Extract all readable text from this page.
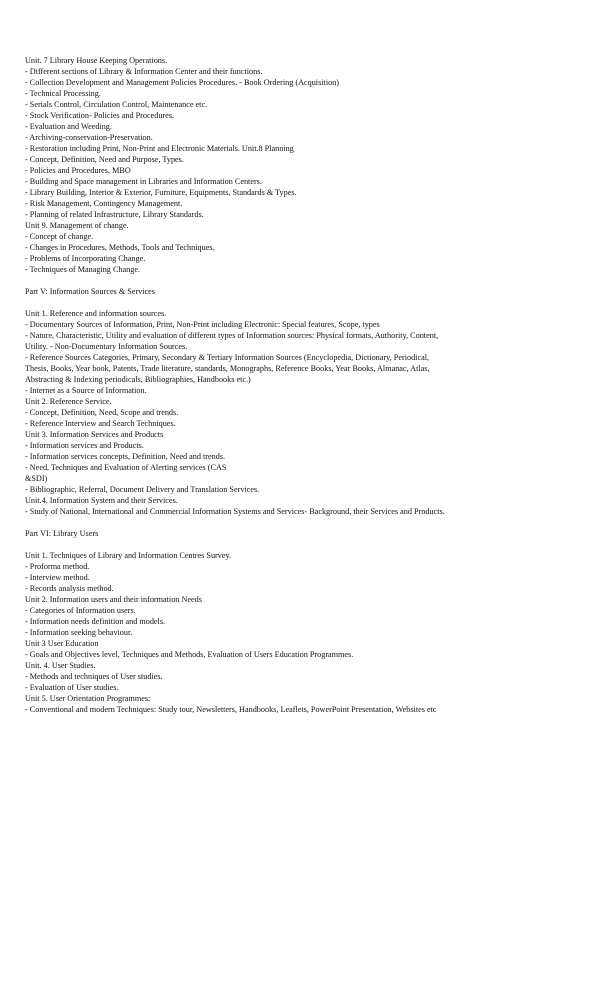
Unit. 7 Library House Keeping Operations.

- Different sections of Library & Information Center and their functions.

- Collection Development and Management Policies Procedures. - Book Ordering (Acquisition)

- Technical Processing.

- Serials Control, Circulation Control, Maintenance etc.

- Stock Verification- Policies and Procedures.

- Evaluation and Weeding.

- Archiving-conservation-Preservation.

- Restoration including Print, Non-Print and Electronic Materials. Unit.8 Planning

- Concept, Definition, Need and Purpose, Types.

- Policies and Procedures, MBO

- Building and Space management in Libraries and Information Centers.

- Library Building, Interior & Exterior, Furniture, Equipments, Standards & Types.

- Risk Management, Contingency Management.

- Planning of related Infrastructure, Library Standards.

Unit 9. Management of change.

- Concept of change.

- Changes in Procedures, Methods, Tools and Techniques.

- Problems of Incorporating Change.

- Techniques of Managing Change.

Part V: Information Sources & Services

Unit 1. Reference and information sources.

- Documentary Sources of Information, Print, Non-Print including Electronic: Special features, Scope, types

- Nature, Characteristic, Utility and evaluation of different types of Information sources: Physical formats, Authority, Content,

Utility. - Non-Documentary Information Sources.

- Reference Sources Categories, Primary, Secondary & Tertiary Information Sources (Encyclopedia, Dictionary, Periodical,

Thesis, Books, Year book, Patents, Trade literature, standards, Monographs, Reference Books, Year Books, Almanac, Atlas,

Abstracting & Indexing periodicals, Bibliographies, Handbooks etc.)

- Internet as a Source of Information.

Unit 2. Reference Service.

- Concept, Definition, Need, Scope and trends.

- Reference Interview and Search Techniques.

Unit 3. Information Services and Products

- Information services and Products.

- Information services concepts, Definition, Need and trends.

- Need, Techniques and Evaluation of Alerting services (CAS

&SDI)

- Bibliographic, Referral, Document Delivery and Translation Services.

Unit.4. Information System and their Services.

- Study of National, International and Commercial Information Systems and Services- Background, their Services and Products.

Part VI: Library Users

Unit 1. Techniques of Library and Information Centres Survey.

- Proforma method.

- Interview method.

- Records analysis method.

Unit 2. Information users and their information Needs

- Categories of Information users.

- Information needs definition and models.

- Information seeking behaviour.

Unit 3 User Education

- Goals and Objectives level, Techniques and Methods, Evaluation of Users Education Programmes.

Unit. 4. User Studies.

- Methods and techniques of User studies.

- Evaluation of User studies.

Unit 5. User Orientation Programmes:

- Conventional and modern Techniques: Study tour, Newsletters, Handbooks, Leaflets, PowerPoint Presentation, Websites etc
